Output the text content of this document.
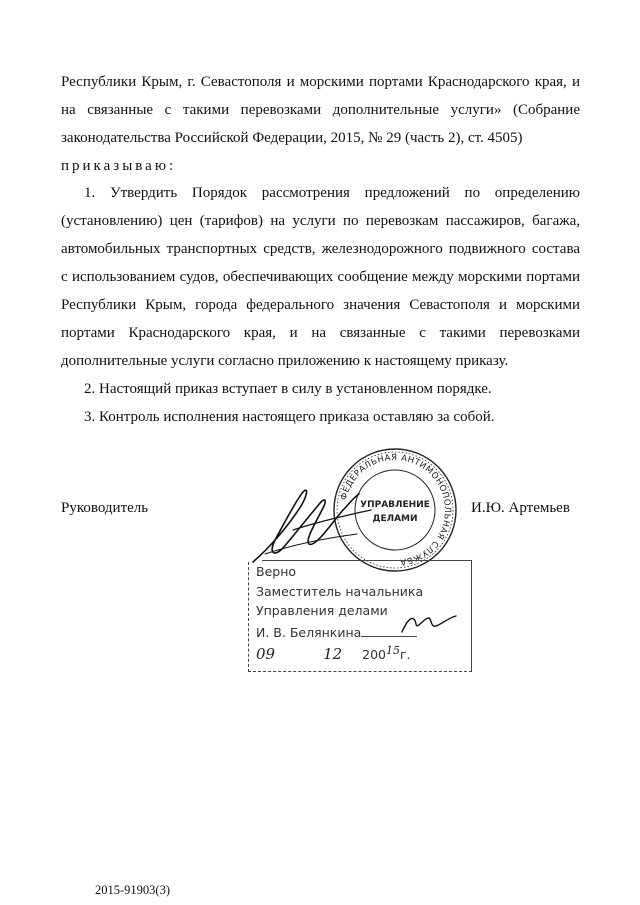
Республики Крым, г. Севастополя и морскими портами Краснодарского края, и
на связанные с такими перевозками дополнительные услуги» (Собрание
законодательства Российской Федерации, 2015, № 29 (часть 2), ст. 4505)
приказываю:
1. Утвердить Порядок рассмотрения предложений по определению
(установлению) цен (тарифов) на услуги по перевозкам пассажиров, багажа,
автомобильных транспортных средств, железнодорожного подвижного состава
с использованием судов, обеспечивающих сообщение между морскими портами
Республики Крым, города федерального значения Севастополя и морскими
портами Краснодарского края, и на связанные с такими перевозками
дополнительные услуги согласно приложению к настоящему приказу.
2. Настоящий приказ вступает в силу в установленном порядке.
3. Контроль исполнения настоящего приказа оставляю за собой.
Руководитель	И.Ю. Артемьев
ФЕДЕРАЛЬНАЯ АНТИМОНОПОЛЬНАЯ СЛУЖБА
УПРАВЛЕНИЕ
ДЕЛАМИ
Верно
Заместитель начальника
Управления делами
И. В. Белянкина
09	12 $200^{15}г$.
2015-91903(3)
